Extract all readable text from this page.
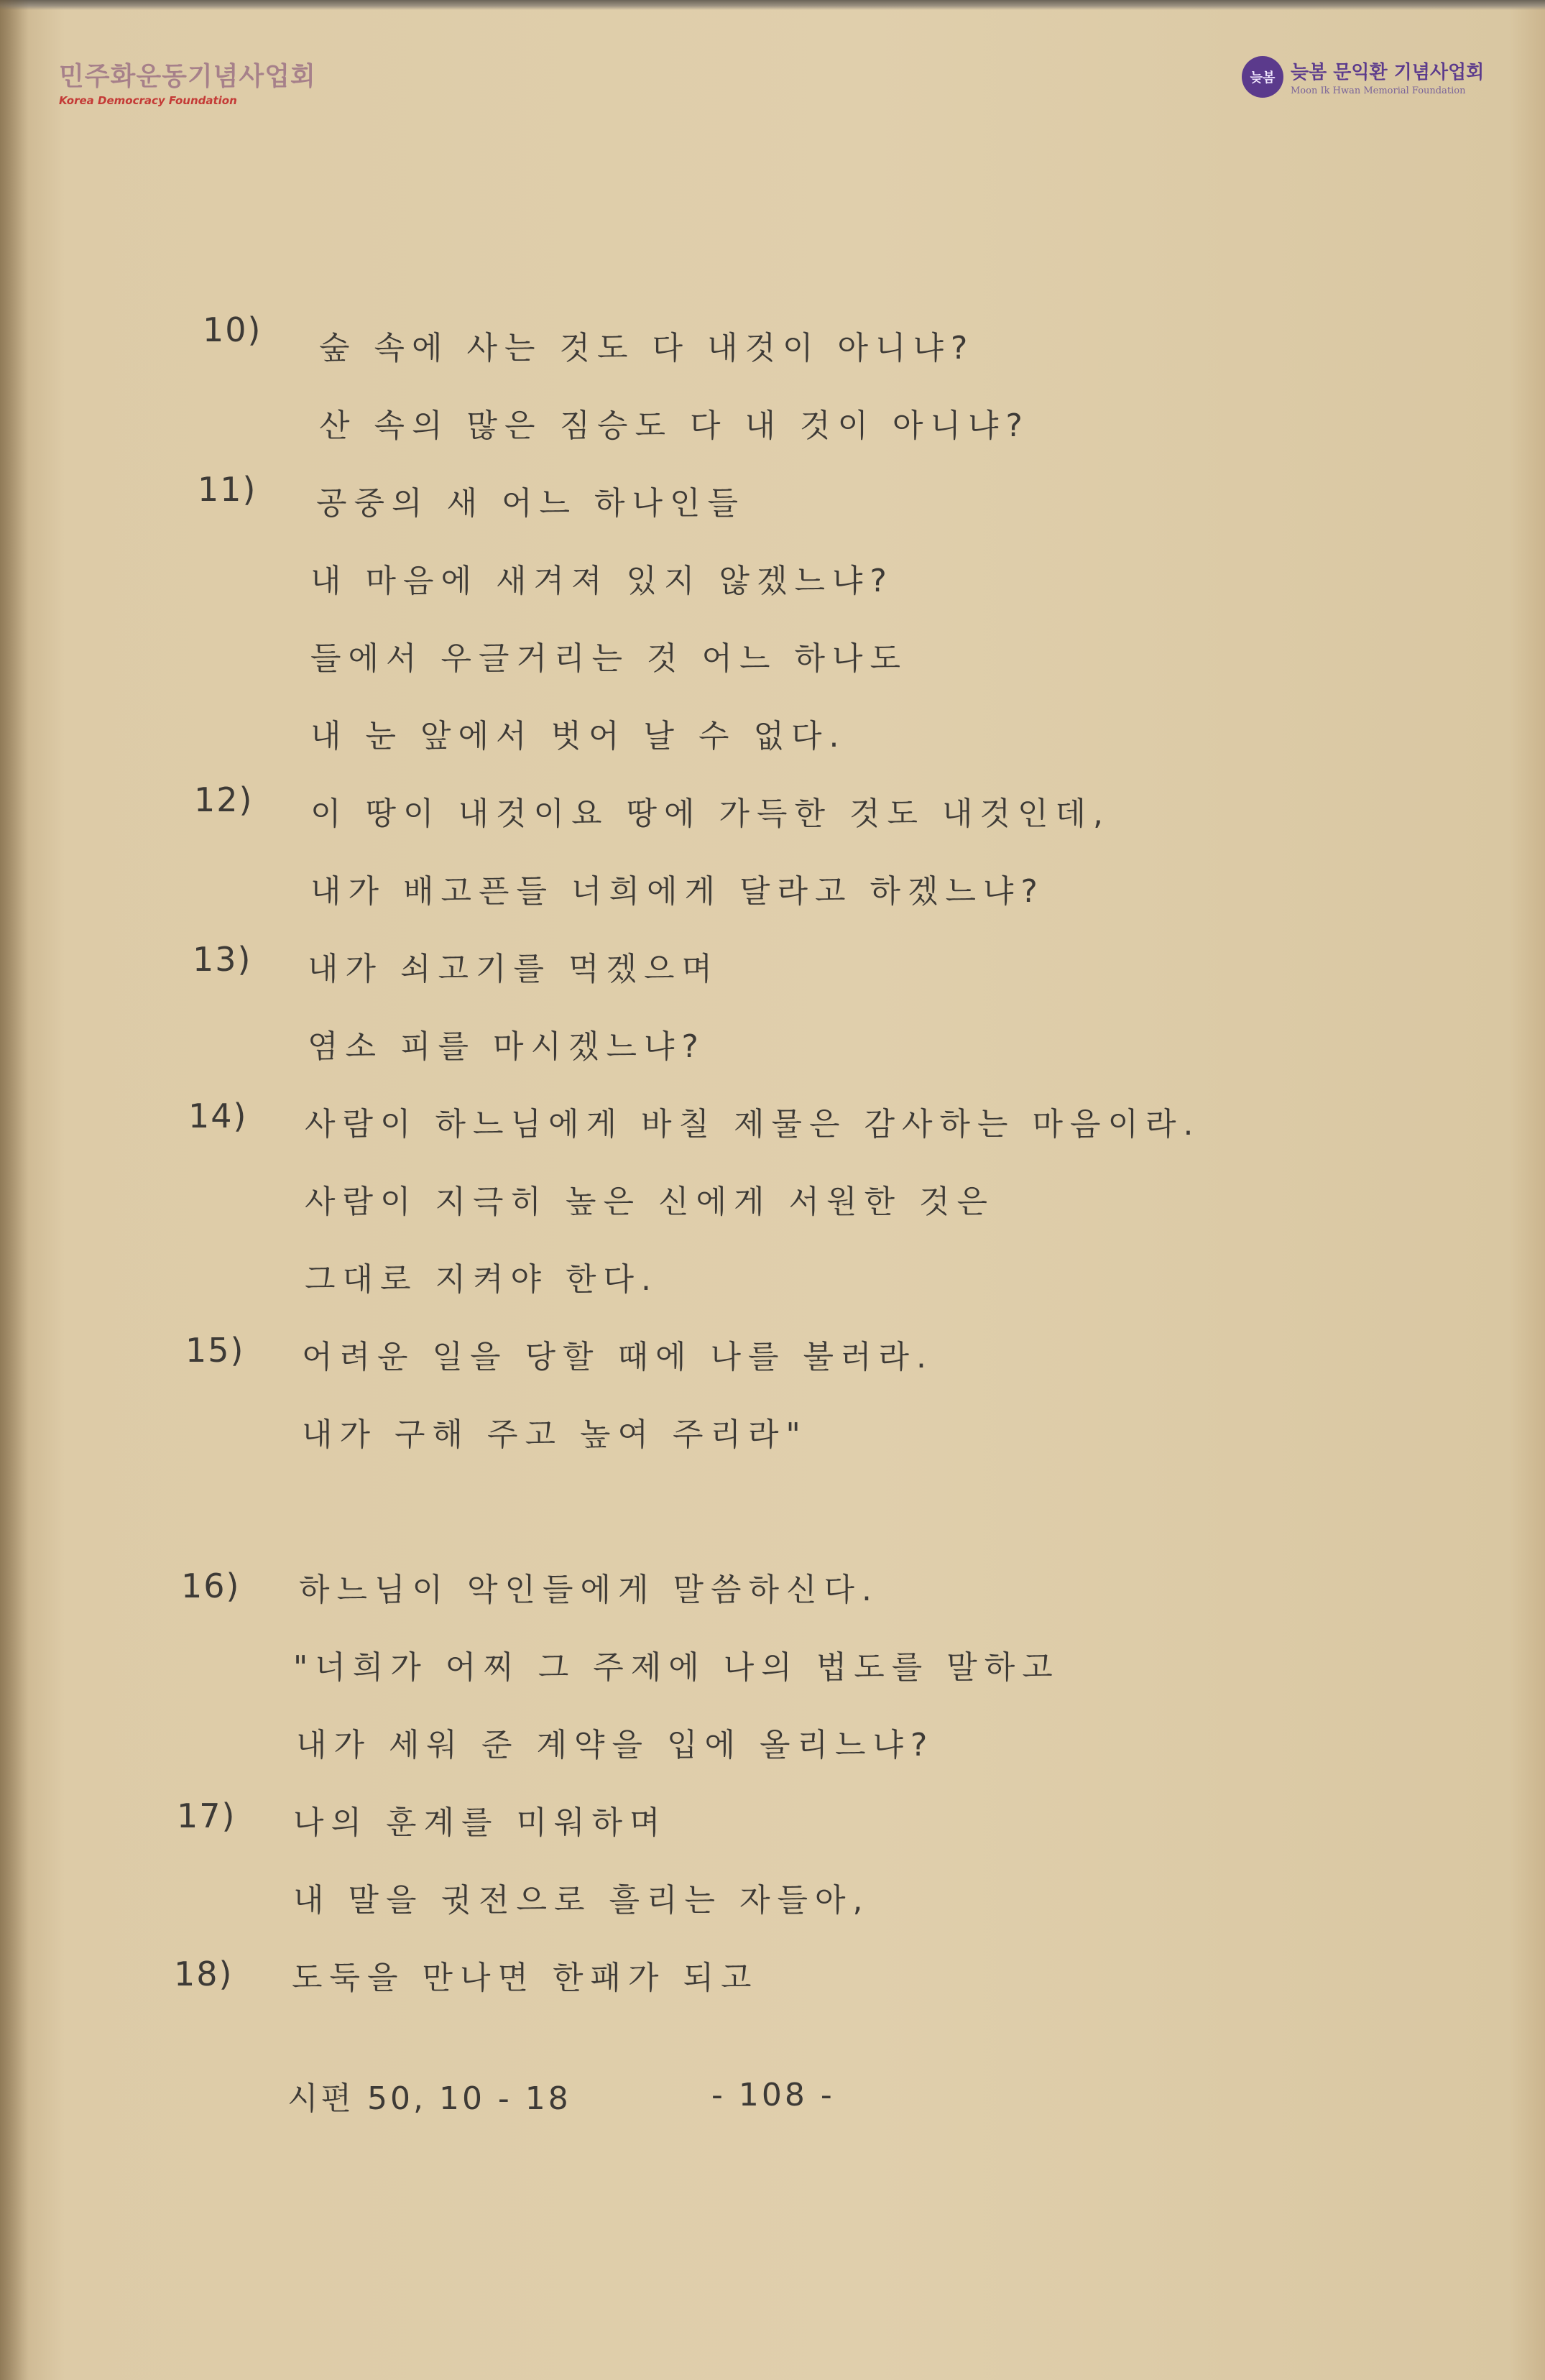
민주화운동기념사업회
Korea Democracy Foundation
늦봄 늦봄 문익환 기념사업회
Moon Ik Hwan Memorial Foundation
10) 숲 속에 사는 것도 다 내것이 아니냐?
산 속의 많은 짐승도 다 내 것이 아니냐?
11) 공중의 새 어느 하나인들
내 마음에 새겨져 있지 않겠느냐?
들에서 우글거리는 것 어느 하나도
내 눈 앞에서 벗어 날 수 없다.
12) 이 땅이 내것이요 땅에 가득한 것도 내것인데,
내가 배고픈들 너희에게 달라고 하겠느냐?
13) 내가 쇠고기를 먹겠으며
염소 피를 마시겠느냐?
14) 사람이 하느님에게 바칠 제물은 감사하는 마음이라.
사람이 지극히 높은 신에게 서원한 것은
그대로 지켜야 한다.
15) 어려운 일을 당할 때에 나를 불러라.
내가 구해 주고 높여 주리라"
16) 하느님이 악인들에게 말씀하신다.
"너희가 어찌 그 주제에 나의 법도를 말하고
내가 세워 준 계약을 입에 올리느냐?
17) 나의 훈계를 미워하며
내 말을 귓전으로 흘리는 자들아,
18) 도둑을 만나면 한패가 되고
시편 50, 10 - 18	- 108 -
